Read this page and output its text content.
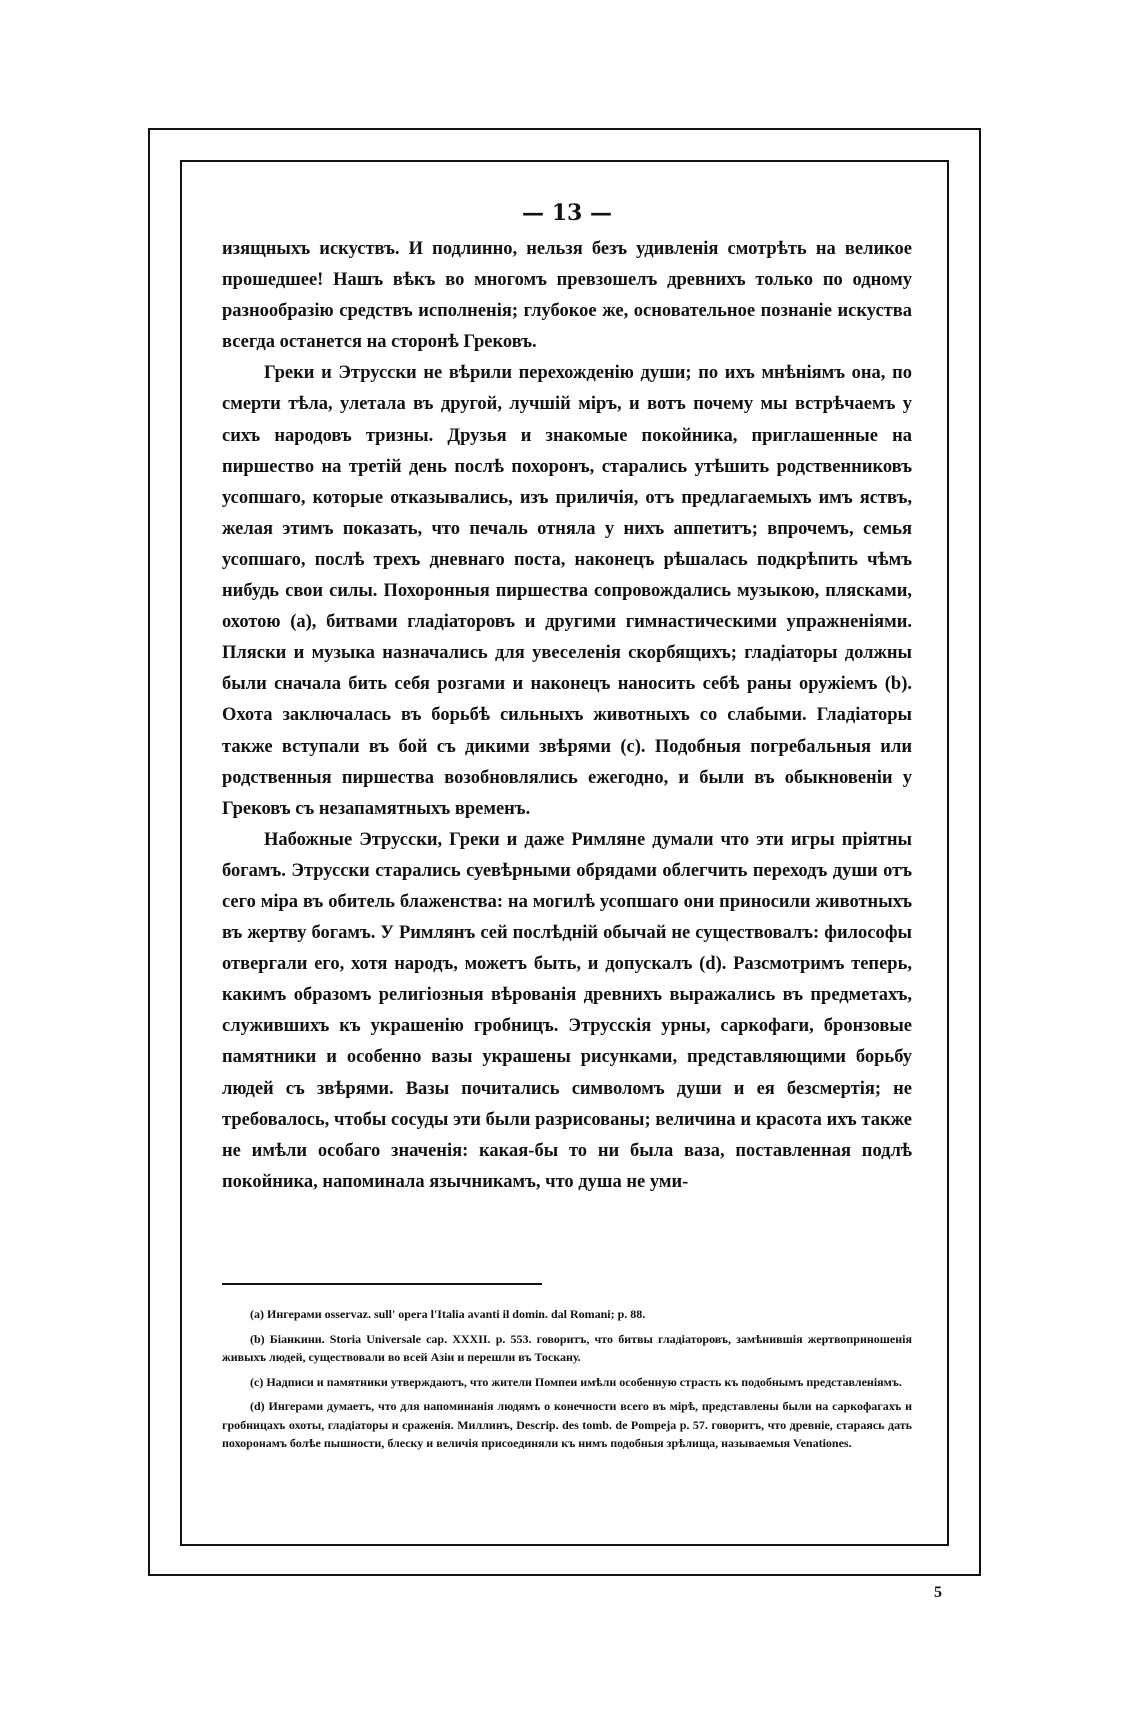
— 13 —

изящныхъ искуствъ. И подлинно, нельзя безъ удивленія смотрѣть на великое прошедшее! Нашъ вѣкъ во многомъ превзошелъ древнихъ только по одному разнообразію средствъ исполненія; глубокое же, основательное познаніе искуства всегда останется на сторонѣ Грековъ.

Греки и Этрусски не вѣрили перехожденію души; по ихъ мнѣніямъ она, по смерти тѣла, улетала въ другой, лучшій міръ, и вотъ почему мы встрѣчаемъ у сихъ народовъ тризны. Друзья и знакомые покойника, приглашенные на пиршество на третій день послѣ похоронъ, старались утѣшить родственниковъ усопшаго, которые отказывались, изъ приличія, отъ предлагаемыхъ имъ яствъ, желая этимъ показать, что печаль отняла у нихъ аппетитъ; впрочемъ, семья усопшаго, послѣ трехъ дневнаго поста, наконецъ рѣшалась подкрѣпить чѣмъ нибудь свои силы. Похоронныя пиршества сопровождались музыкою, плясками, охотою (a), битвами гладіаторовъ и другими гимнастическими упражненіями. Пляски и музыка назначались для увеселенія скорбящихъ; гладіаторы должны были сначала бить себя розгами и наконецъ наносить себѣ раны оружіемъ (b). Охота заключалась въ борьбѣ сильныхъ животныхъ со слабыми. Гладіаторы также вступали въ бой съ дикими звѣрями (c). Подобныя погребальныя или родственныя пиршества возобновлялись ежегодно, и были въ обыкновеніи у Грековъ съ незапамятныхъ временъ.

Набожные Этрусски, Греки и даже Римляне думали что эти игры пріятны богамъ. Этрусски старались суевѣрными обрядами облегчить переходъ души отъ сего міра въ обитель блаженства: на могилѣ усопшаго они приносили животныхъ въ жертву богамъ. У Римлянъ сей послѣдній обычай не существовалъ: философы отвергали его, хотя народъ, можетъ быть, и допускалъ (d). Разсмотримъ теперь, какимъ образомъ религіозныя вѣрованія древнихъ выражались въ предметахъ, служившихъ къ украшенію гробницъ. Этрусскія урны, саркофаги, бронзовые памятники и особенно вазы украшены рисунками, представляющими борьбу людей съ звѣрями. Вазы почитались символомъ души и ея безсмертія; не требовалось, чтобы сосуды эти были разрисованы; величина и красота ихъ также не имѣли особаго значенія: какая-бы то ни была ваза, поставленная подлѣ покойника, напоминала язычникамъ, что душа не уми-

(a) Ингерами osservaz. sull' opera l'Italia avanti il domin. dal Romani; p. 88.

(b) Біанкини. Storia Universale cap. XXXII. p. 553. говоритъ, что битвы гладіаторовъ, замѣнившія жертвоприношенія живыхъ людей, существовали во всей Азіи и перешли въ Тоскану.

(c) Надписи и памятники утверждаютъ, что жители Помпеи имѣли особенную страсть къ подобнымъ представленіямъ.

(d) Ингерами думаетъ, что для напоминанія людямъ о конечности всего въ мірѣ, представлены были на саркофагахъ и гробницахъ охоты, гладіаторы и сраженія. Миллинъ, Descrip. des tomb. de Pompeja p. 57. говоритъ, что древніе, стараясь дать похоронамъ болѣе пышности, блеску и величія присоединяли къ нимъ подобныя зрѣлища, называемыя Venationes.

5
